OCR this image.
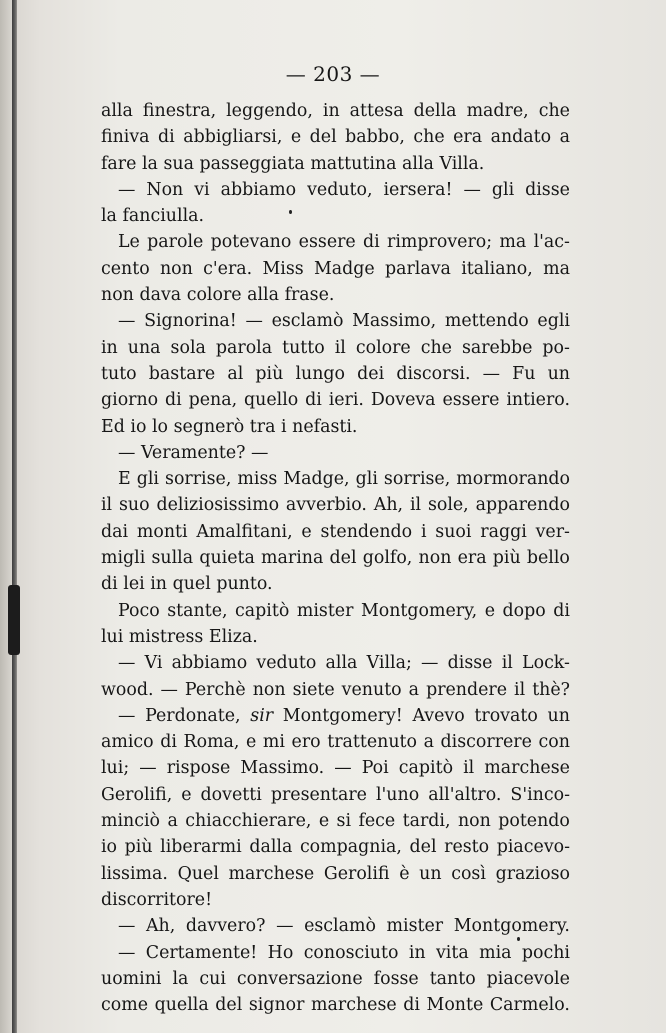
— 203 —
alla finestra, leggendo, in attesa della madre, che
finiva di abbigliarsi, e del babbo, che era andato a
fare la sua passeggiata mattutina alla Villa.
— Non vi abbiamo veduto, iersera! — gli disse
la fanciulla.
Le parole potevano essere di rimprovero; ma l'ac-
cento non c'era. Miss Madge parlava italiano, ma
non dava colore alla frase.
— Signorina! — esclamò Massimo, mettendo egli
in una sola parola tutto il colore che sarebbe po-
tuto bastare al più lungo dei discorsi. — Fu un
giorno di pena, quello di ieri. Doveva essere intiero.
Ed io lo segnerò tra i nefasti.
— Veramente? —
E gli sorrise, miss Madge, gli sorrise, mormorando
il suo deliziosissimo avverbio. Ah, il sole, apparendo
dai monti Amalfitani, e stendendo i suoi raggi ver-
migli sulla quieta marina del golfo, non era più bello
di lei in quel punto.
Poco stante, capitò mister Montgomery, e dopo di
lui mistress Eliza.
— Vi abbiamo veduto alla Villa; — disse il Lock-
wood. — Perchè non siete venuto a prendere il thè?
— Perdonate, sir Montgomery! Avevo trovato un
amico di Roma, e mi ero trattenuto a discorrere con
lui; — rispose Massimo. — Poi capitò il marchese
Gerolifi, e dovetti presentare l'uno all'altro. S'inco-
minciò a chiacchierare, e si fece tardi, non potendo
io più liberarmi dalla compagnia, del resto piacevo-
lissima. Quel marchese Gerolifi è un così grazioso
discorritore!
— Ah, davvero? — esclamò mister Montgomery.
— Certamente! Ho conosciuto in vita mia pochi
uomini la cui conversazione fosse tanto piacevole
come quella del signor marchese di Monte Carmelo.
